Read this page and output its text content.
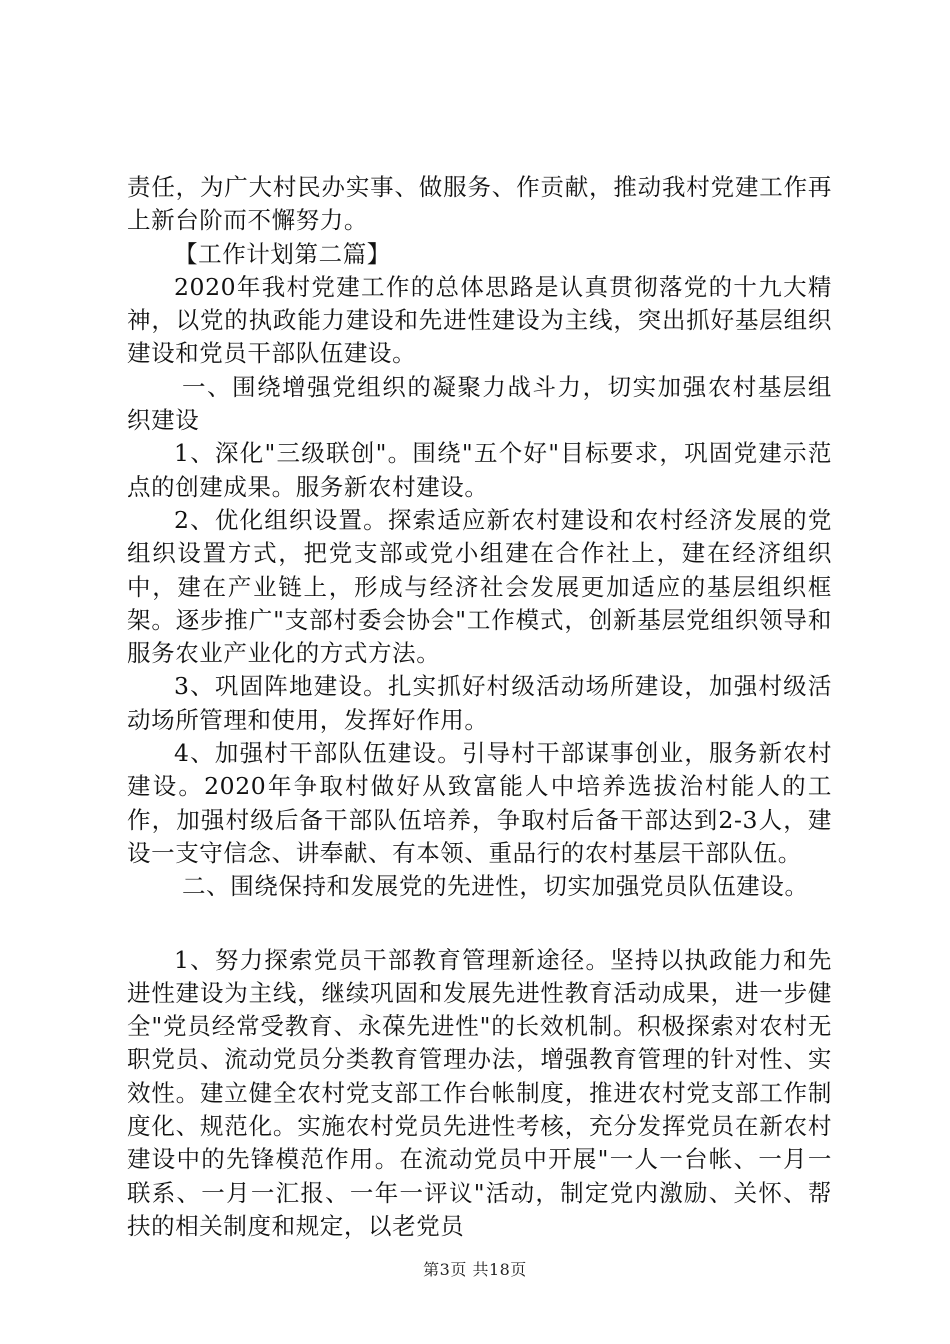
责任，为广大村民办实事、做服务、作贡献，推动我村党建工作再上新台阶而不懈努力。

【工作计划第二篇】

2020年我村党建工作的总体思路是认真贯彻落党的十九大精神，以党的执政能力建设和先进性建设为主线，突出抓好基层组织建设和党员干部队伍建设。

一、围绕增强党组织的凝聚力战斗力，切实加强农村基层组织建设

1、深化"三级联创"。围绕"五个好"目标要求，巩固党建示范点的创建成果。服务新农村建设。

2、优化组织设置。探索适应新农村建设和农村经济发展的党组织设置方式，把党支部或党小组建在合作社上，建在经济组织中，建在产业链上，形成与经济社会发展更加适应的基层组织框架。逐步推广"支部村委会协会"工作模式，创新基层党组织领导和服务农业产业化的方式方法。

3、巩固阵地建设。扎实抓好村级活动场所建设，加强村级活动场所管理和使用，发挥好作用。

4、加强村干部队伍建设。引导村干部谋事创业，服务新农村建设。2020年争取村做好从致富能人中培养选拔治村能人的工作，加强村级后备干部队伍培养，争取村后备干部达到2-3人，建设一支守信念、讲奉献、有本领、重品行的农村基层干部队伍。

二、围绕保持和发展党的先进性，切实加强党员队伍建设。

1、努力探索党员干部教育管理新途径。坚持以执政能力和先进性建设为主线，继续巩固和发展先进性教育活动成果，进一步健全"党员经常受教育、永葆先进性"的长效机制。积极探索对农村无职党员、流动党员分类教育管理办法，增强教育管理的针对性、实效性。建立健全农村党支部工作台帐制度，推进农村党支部工作制度化、规范化。实施农村党员先进性考核，充分发挥党员在新农村建设中的先锋模范作用。在流动党员中开展"一人一台帐、一月一联系、一月一汇报、一年一评议"活动，制定党内激励、关怀、帮扶的相关制度和规定，以老党员

第3页 共18页
